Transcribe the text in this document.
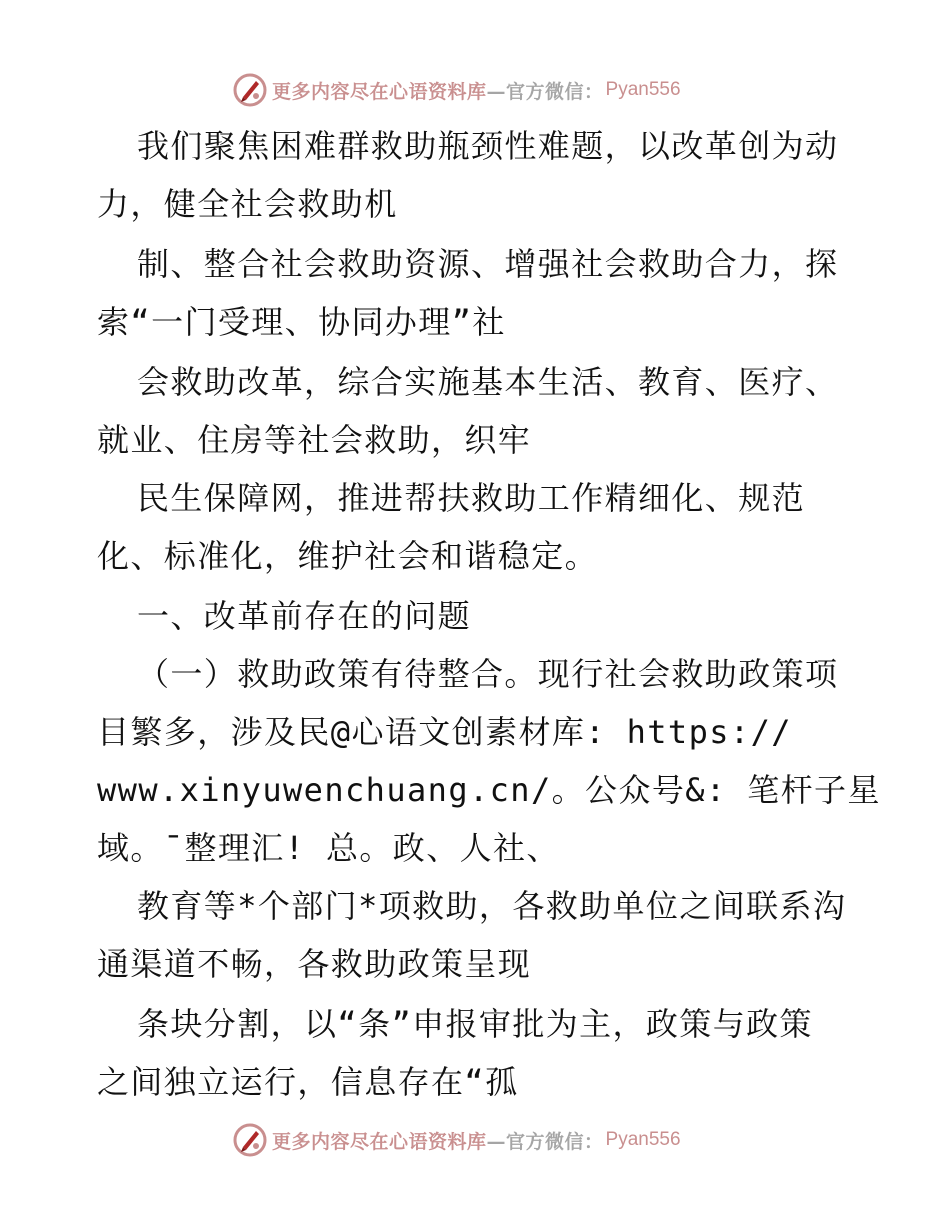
更多内容尽在心语资料库 —官方微信： Pyan556
我们聚焦困难群救助瓶颈性难题，以改革创为动
力，健全社会救助机
制、整合社会救助资源、增强社会救助合力，探
索“一门受理、协同办理”社
会救助改革，综合实施基本生活、教育、医疗、
就业、住房等社会救助，织牢
民生保障网，推进帮扶救助工作精细化、规范
化、标准化，维护社会和谐稳定。
一、改革前存在的问题
（一）救助政策有待整合。现行社会救助政策项
目繁多，涉及民@心语文创素材库: https://
www.xinyuwenchuang.cn/。公众号&: 笔杆子星
域。¯整理汇! 总。政、人社、
教育等*个部门*项救助，各救助单位之间联系沟
通渠道不畅，各救助政策呈现
条块分割，以“条”申报审批为主，政策与政策
之间独立运行，信息存在“孤
更多内容尽在心语资料库 —官方微信： Pyan556
